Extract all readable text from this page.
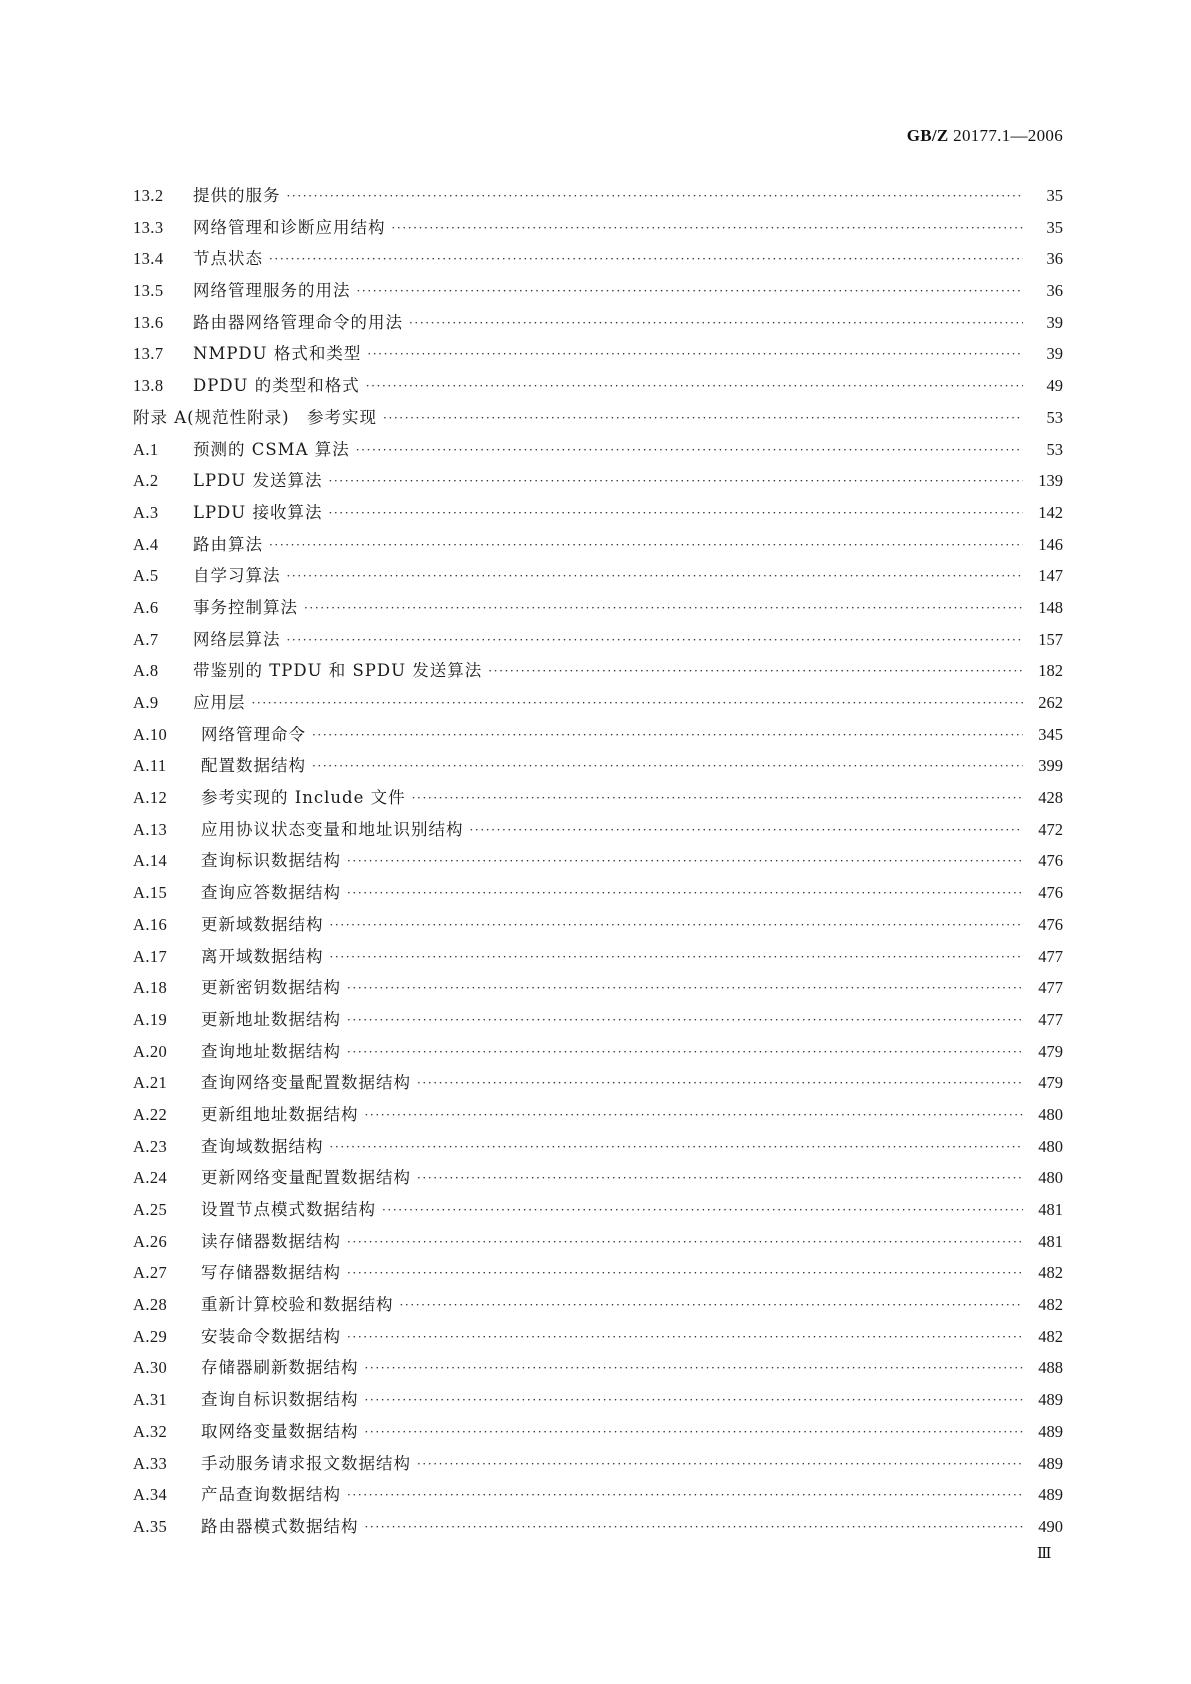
GB/Z 20177.1—2006
13.2	提供的服务 ·····	35
13.3	网络管理和诊断应用结构 ·····	35
13.4	节点状态 ·····	36
13.5	网络管理服务的用法 ·····	36
13.6	路由器网络管理命令的用法 ·····	39
13.7	NMPDU 格式和类型 ·····	39
13.8	DPDU 的类型和格式 ·····	49
附录 A(规范性附录)　参考实现 ·····	53
A.1	预测的 CSMA 算法 ·····	53
A.2	LPDU 发送算法 ·····	139
A.3	LPDU 接收算法 ·····	142
A.4	路由算法 ·····	146
A.5	自学习算法 ·····	147
A.6	事务控制算法 ·····	148
A.7	网络层算法 ·····	157
A.8	带鉴别的 TPDU 和 SPDU 发送算法 ·····	182
A.9	应用层 ·····	262
A.10	网络管理命令 ·····	345
A.11	配置数据结构 ·····	399
A.12	参考实现的 Include 文件 ·····	428
A.13	应用协议状态变量和地址识别结构 ·····	472
A.14	查询标识数据结构 ·····	476
A.15	查询应答数据结构 ·····	476
A.16	更新域数据结构 ·····	476
A.17	离开域数据结构 ·····	477
A.18	更新密钥数据结构 ·····	477
A.19	更新地址数据结构 ·····	477
A.20	查询地址数据结构 ·····	479
A.21	查询网络变量配置数据结构 ·····	479
A.22	更新组地址数据结构 ·····	480
A.23	查询域数据结构 ·····	480
A.24	更新网络变量配置数据结构 ·····	480
A.25	设置节点模式数据结构 ·····	481
A.26	读存储器数据结构 ·····	481
A.27	写存储器数据结构 ·····	482
A.28	重新计算校验和数据结构 ·····	482
A.29	安装命令数据结构 ·····	482
A.30	存储器刷新数据结构 ·····	488
A.31	查询自标识数据结构 ·····	489
A.32	取网络变量数据结构 ·····	489
A.33	手动服务请求报文数据结构 ·····	489
A.34	产品查询数据结构 ·····	489
A.35	路由器模式数据结构 ·····	490
Ⅲ
